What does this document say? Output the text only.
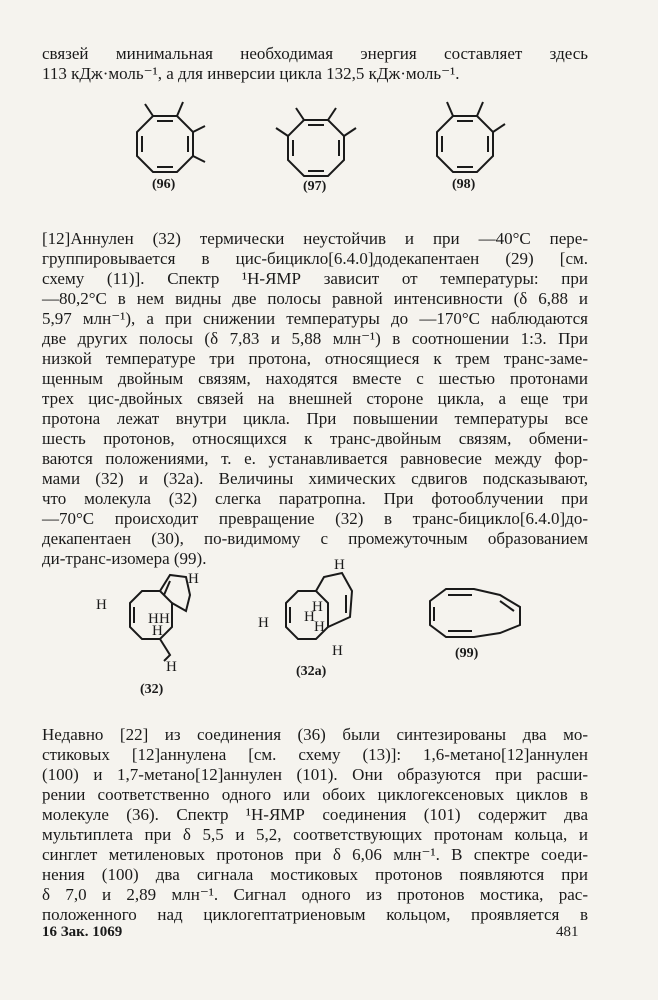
связей минимальная необходимая энергия составляет здесь
113 кДж·моль⁻¹, а для инверсии цикла 132,5 кДж·моль⁻¹.
(96)	(97)	(98)
[12]Аннулен (32) термически неустойчив и при —40°С пере-
группировывается в цис-бицикло[6.4.0]додекапентаен (29) [см.
схему (11)]. Спектр ¹Н-ЯМР зависит от температуры: при
—80,2°С в нем видны две полосы равной интенсивности (δ 6,88 и
5,97 млн⁻¹), а при снижении температуры до —170°С наблюдаются
две других полосы (δ 7,83 и 5,88 млн⁻¹) в соотношении 1:3. При
низкой температуре три протона, относящиеся к трем транс-заме-
щенным двойным связям, находятся вместе с шестью протонами
трех цис-двойных связей на внешней стороне цикла, а еще три
протона лежат внутри цикла. При повышении температуры все
шесть протонов, относящихся к транс-двойным связям, обмени-
ваются положениями, т. е. устанавливается равновесие между фор-
мами (32) и (32а). Величины химических сдвигов подсказывают,
что молекула (32) слегка паратропна. При фотооблучении при
—70°С происходит превращение (32) в транс-бицикло[6.4.0]до-
декапентаен (30), по-видимому с промежуточным образованием
ди-транс-изомера (99).
H
H
H H
H
H
(32)
H
H
H
H
H
H
(32a)
(99)
Недавно [22] из соединения (36) были синтезированы два мо-
стиковых [12]аннулена [см. схему (13)]: 1,6-метано[12]аннулен
(100) и 1,7-метано[12]аннулен (101). Они образуются при расши-
рении соответственно одного или обоих циклогексеновых циклов в
молекуле (36). Спектр ¹Н-ЯМР соединения (101) содержит два
мультиплета при δ 5,5 и 5,2, соответствующих протонам кольца, и
синглет метиленовых протонов при δ 6,06 млн⁻¹. В спектре соеди-
нения (100) два сигнала мостиковых протонов появляются при
δ 7,0 и 2,89 млн⁻¹. Сигнал одного из протонов мостика, рас-
положенного над циклогептатриеновым кольцом, проявляется в
16 Зак. 1069	481
